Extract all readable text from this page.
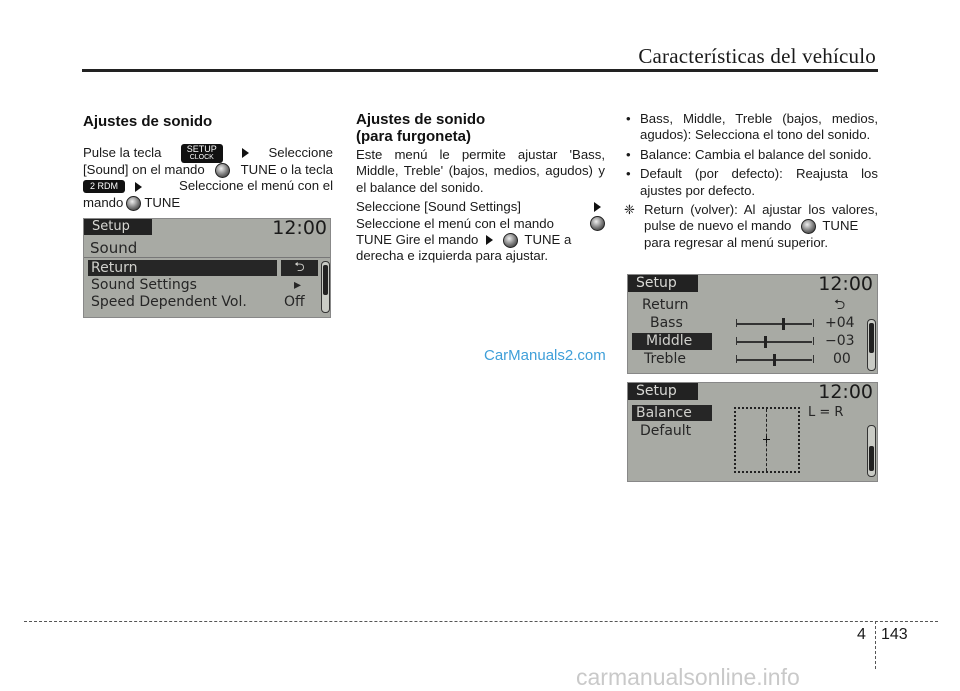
Características del vehículo
Ajustes de sonido
Pulse la tecla	SETUP
CLOCK	Seleccione
[Sound] on el mando	TUNE o la tecla
2 RDM	Seleccione el menú con el
mando TUNE
Setup	12:00
Sound
Return	⮌
Sound Settings	▸
Speed Dependent Vol.	Off
Ajustes de sonido
(para furgoneta)
Este menú le permite ajustar 'Bass, Middle, Treble' (bajos, medios, agudos) y el balance del sonido.
Seleccione [Sound Settings]
Seleccione el menú con el mando
TUNE Gire el mando	TUNE a
derecha e izquierda para ajustar.
CarManuals2.com
• Bass, Middle, Treble (bajos, medios, agudos): Selecciona el tono del sonido.
• Balance: Cambia el balance del sonido.
• Default (por defecto): Reajusta los ajustes por defecto.
❈ Return (volver): Al ajustar los valores,
pulse de nuevo el mando TUNE
para regresar al menú superior.
Setup	12:00
Return	⮌
Bass	+04
Middle	−03
Treble	00
Setup	12:00
Balance
Default
L = R
4 143
carmanualsonline.info
